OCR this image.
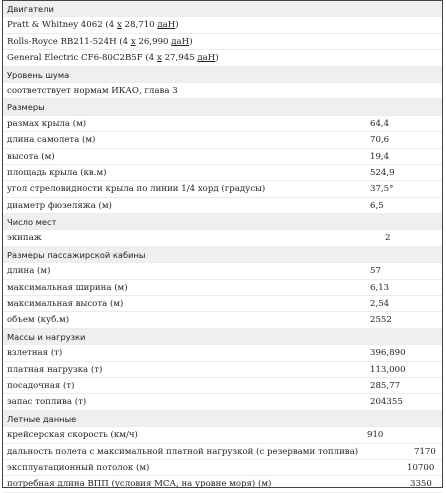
Двигатели
Pratt & Whitney 4062 (4 x 28,710 даН)
Rolls-Royce RB211-524H (4 x 26,990 даН)
General Electric CF6-80C2B5F (4 x 27,945 даН)
Уровень шума
соответствует нормам ИКАО, глава 3
Размеры
размах крыла (м)	64,4
длина самолета (м)	70,6
высота (м)	19,4
площадь крыла (кв.м)	524,9
угол стреловидности крыла по линии 1/4 хорд (градусы)	37,5°
диаметр фюзеляжа (м)	6,5
Число мест
экипаж	2
Размеры пассажирской кабины
длина (м)	57
максимальная ширина (м)	6,13
максимальная высота (м)	2,54
объем (куб.м)	2552
Массы и нагрузки
взлетная (т)	396,890
платная нагрузка (т)	113,000
посадочная (т)	285,77
запас топлива (т)	204355
Летные данные
крейсерская скорость (км/ч)	910
дальность полета с максимальной платной нагрузкой (с резервами топлива)	7170
эксплуатационный потолок (м)	10700
потребная длина ВПП (условия МСА, на уровне моря) (м)	3350
